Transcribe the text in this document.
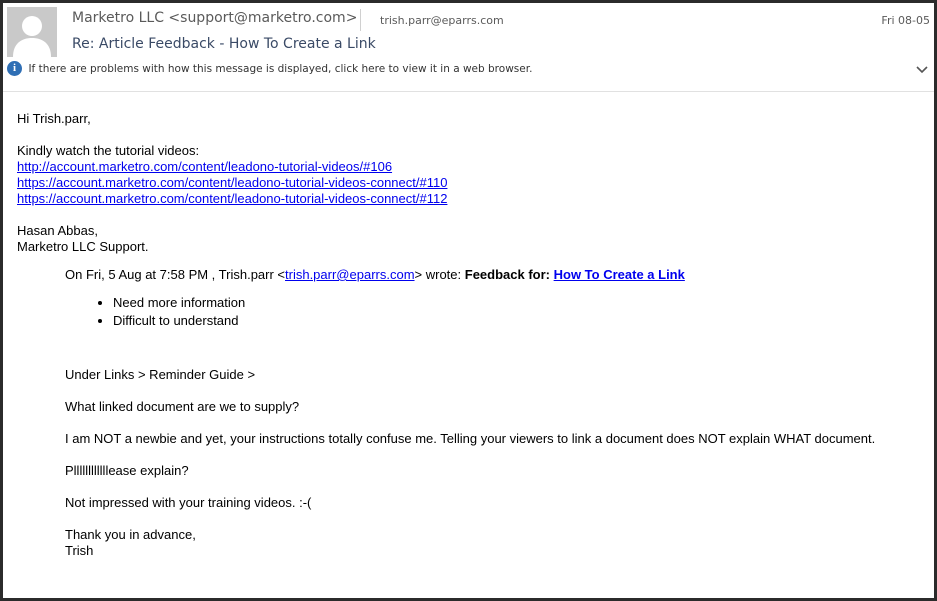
Marketro LLC <support@marketro.com> trish.parr@eparrs.com	Fri 08-05
Re: Article Feedback - How To Create a Link
i If there are problems with how this message is displayed, click here to view it in a web browser.

Hi Trish.parr,

Kindly watch the tutorial videos:

http://account.marketro.com/content/leadono-tutorial-videos/#106

https://account.marketro.com/content/leadono-tutorial-videos-connect/#110

https://account.marketro.com/content/leadono-tutorial-videos-connect/#112

Hasan Abbas,

Marketro LLC Support.

On Fri, 5 Aug at 7:58 PM , Trish.parr <trish.parr@eparrs.com> wrote: Feedback for: How To Create a Link

• Need more information
• Difficult to understand

Under Links > Reminder Guide >

What linked document are we to supply?

I am NOT a newbie and yet, your instructions totally confuse me. Telling your viewers to link a document does NOT explain WHAT document.

Pllllllllllllease explain?

Not impressed with your training videos. :-(

Thank you in advance,

Trish
